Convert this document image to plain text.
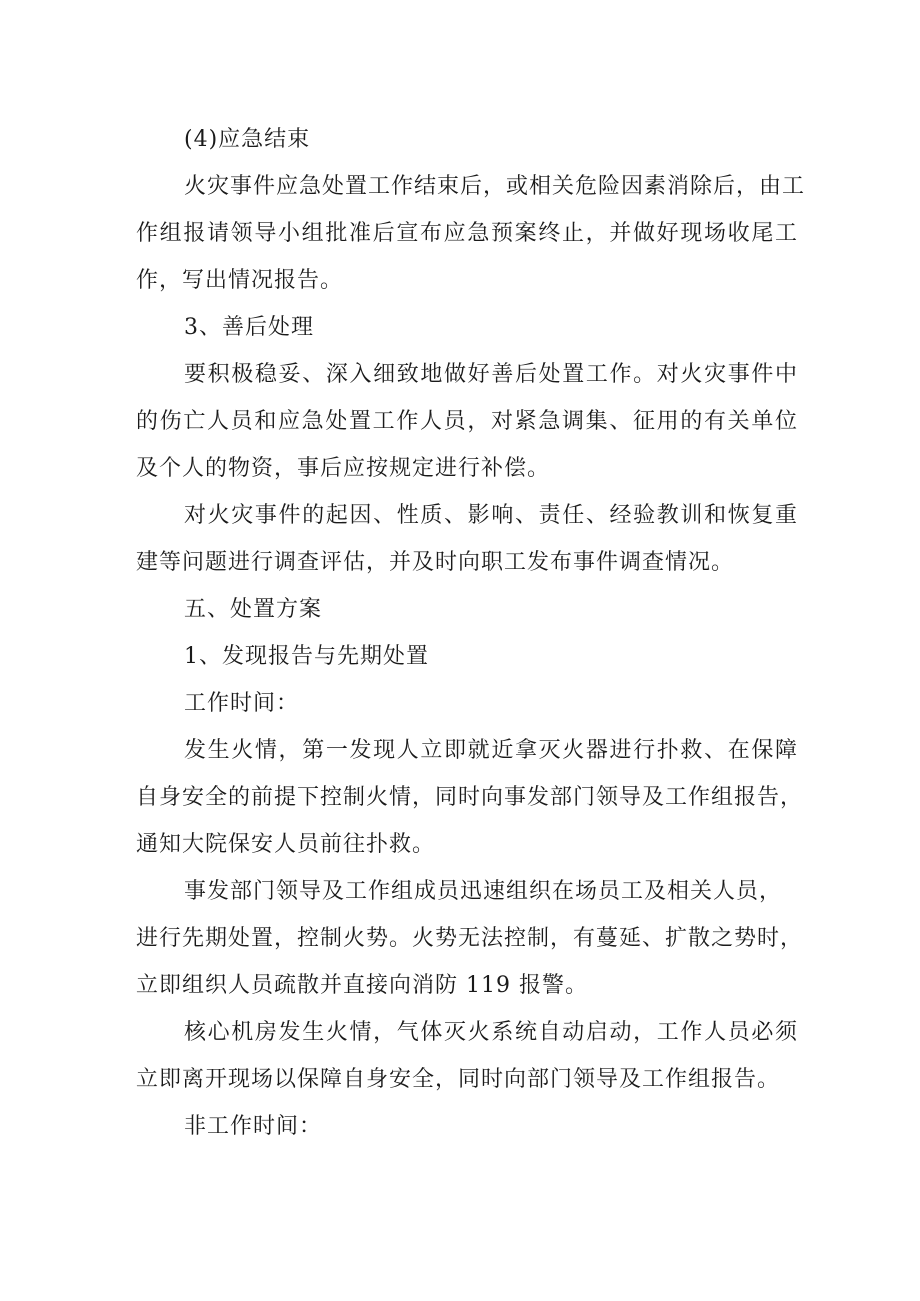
(4)应急结束
火灾事件应急处置工作结束后，或相关危险因素消除后，由工
作组报请领导小组批准后宣布应急预案终止，并做好现场收尾工
作，写出情况报告。
3、善后处理
要积极稳妥、深入细致地做好善后处置工作。对火灾事件中
的伤亡人员和应急处置工作人员，对紧急调集、征用的有关单位
及个人的物资，事后应按规定进行补偿。
对火灾事件的起因、性质、影响、责任、经验教训和恢复重
建等问题进行调查评估，并及时向职工发布事件调查情况。
五、处置方案
1、发现报告与先期处置
工作时间：
发生火情，第一发现人立即就近拿灭火器进行扑救、在保障
自身安全的前提下控制火情，同时向事发部门领导及工作组报告，
通知大院保安人员前往扑救。
事发部门领导及工作组成员迅速组织在场员工及相关人员，
进行先期处置，控制火势。火势无法控制，有蔓延、扩散之势时，
立即组织人员疏散并直接向消防 119 报警。
核心机房发生火情，气体灭火系统自动启动，工作人员必须
立即离开现场以保障自身安全，同时向部门领导及工作组报告。
非工作时间：
